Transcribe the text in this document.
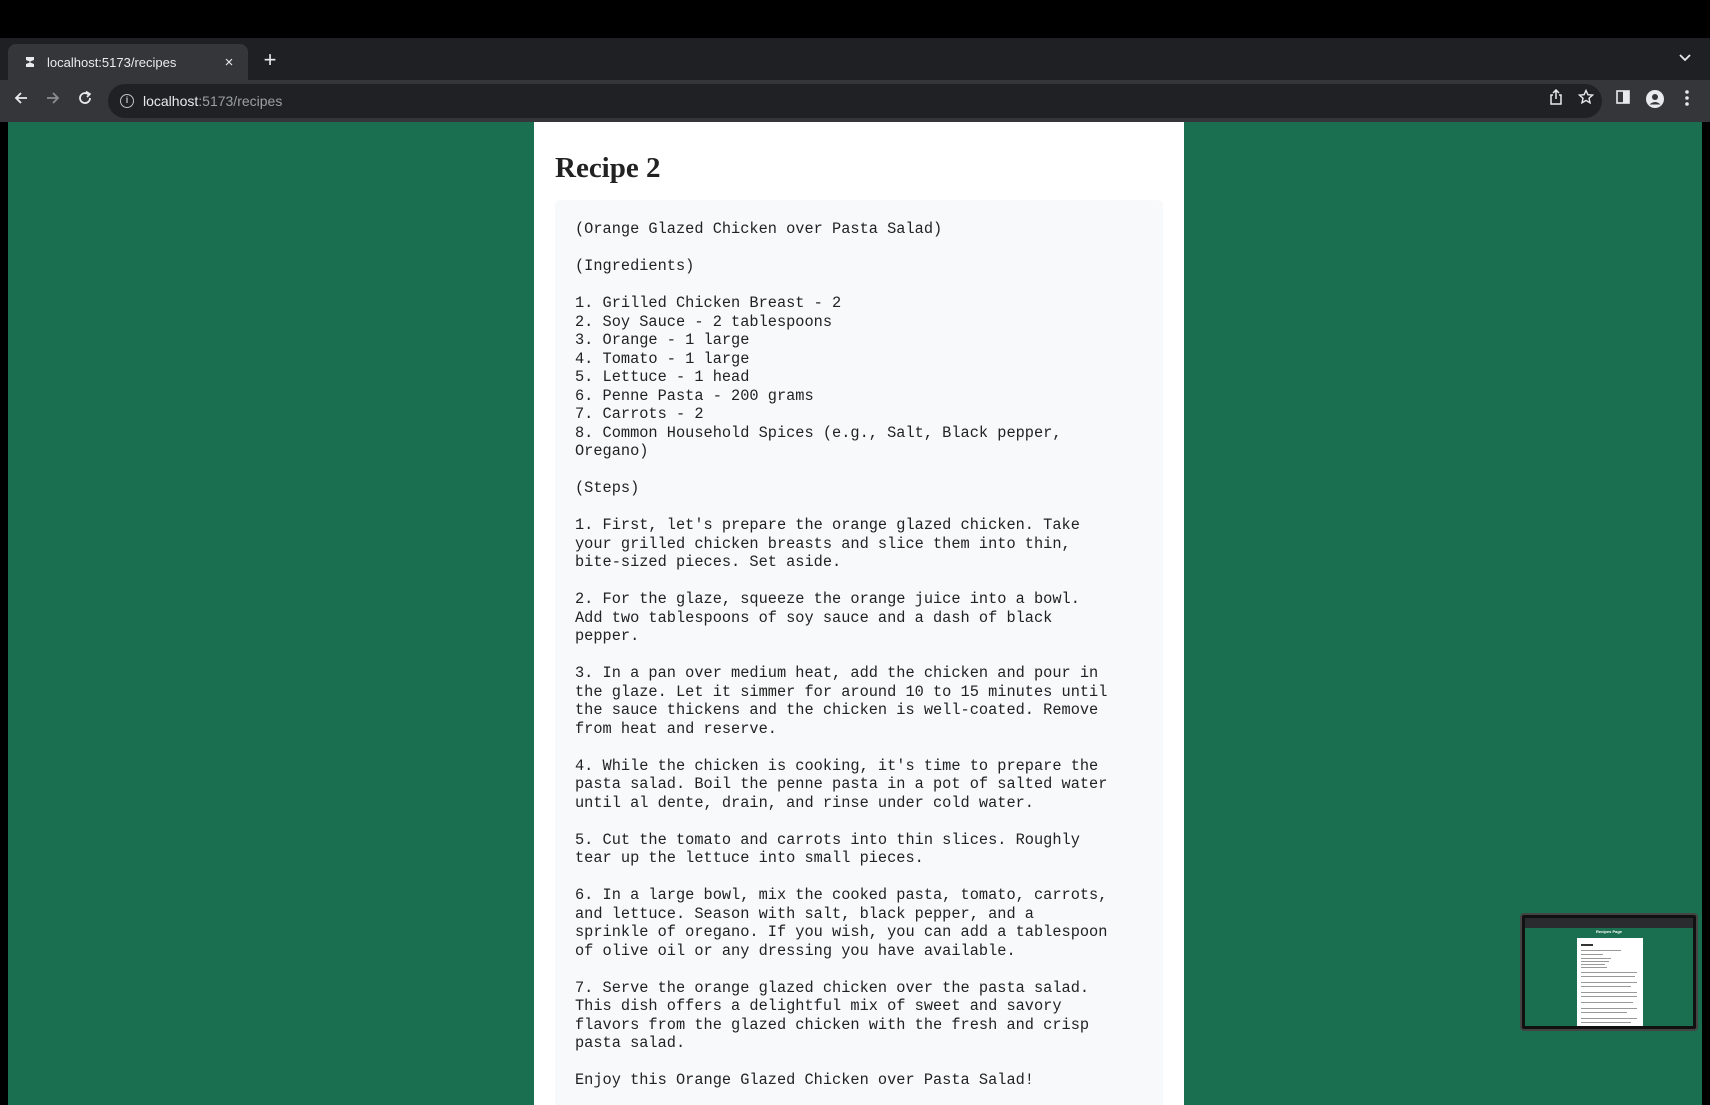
localhost:5173/recipes	× +
i	localhost :5173/recipes
Recipe 2
(Orange Glazed Chicken over Pasta Salad)

(Ingredients)

1. Grilled Chicken Breast - 2
2. Soy Sauce - 2 tablespoons
3. Orange - 1 large
4. Tomato - 1 large
5. Lettuce - 1 head
6. Penne Pasta - 200 grams
7. Carrots - 2
8. Common Household Spices (e.g., Salt, Black pepper,
Oregano)

(Steps)

1. First, let's prepare the orange glazed chicken. Take
your grilled chicken breasts and slice them into thin,
bite-sized pieces. Set aside.

2. For the glaze, squeeze the orange juice into a bowl.
Add two tablespoons of soy sauce and a dash of black
pepper.

3. In a pan over medium heat, add the chicken and pour in
the glaze. Let it simmer for around 10 to 15 minutes until
the sauce thickens and the chicken is well-coated. Remove
from heat and reserve.

4. While the chicken is cooking, it's time to prepare the
pasta salad. Boil the penne pasta in a pot of salted water
until al dente, drain, and rinse under cold water.

5. Cut the tomato and carrots into thin slices. Roughly
tear up the lettuce into small pieces.

6. In a large bowl, mix the cooked pasta, tomato, carrots,
and lettuce. Season with salt, black pepper, and a
sprinkle of oregano. If you wish, you can add a tablespoon
of olive oil or any dressing you have available.

7. Serve the orange glazed chicken over the pasta salad.
This dish offers a delightful mix of sweet and savory
flavors from the glazed chicken with the fresh and crisp
pasta salad.

Enjoy this Orange Glazed Chicken over Pasta Salad!
Recipes Page
